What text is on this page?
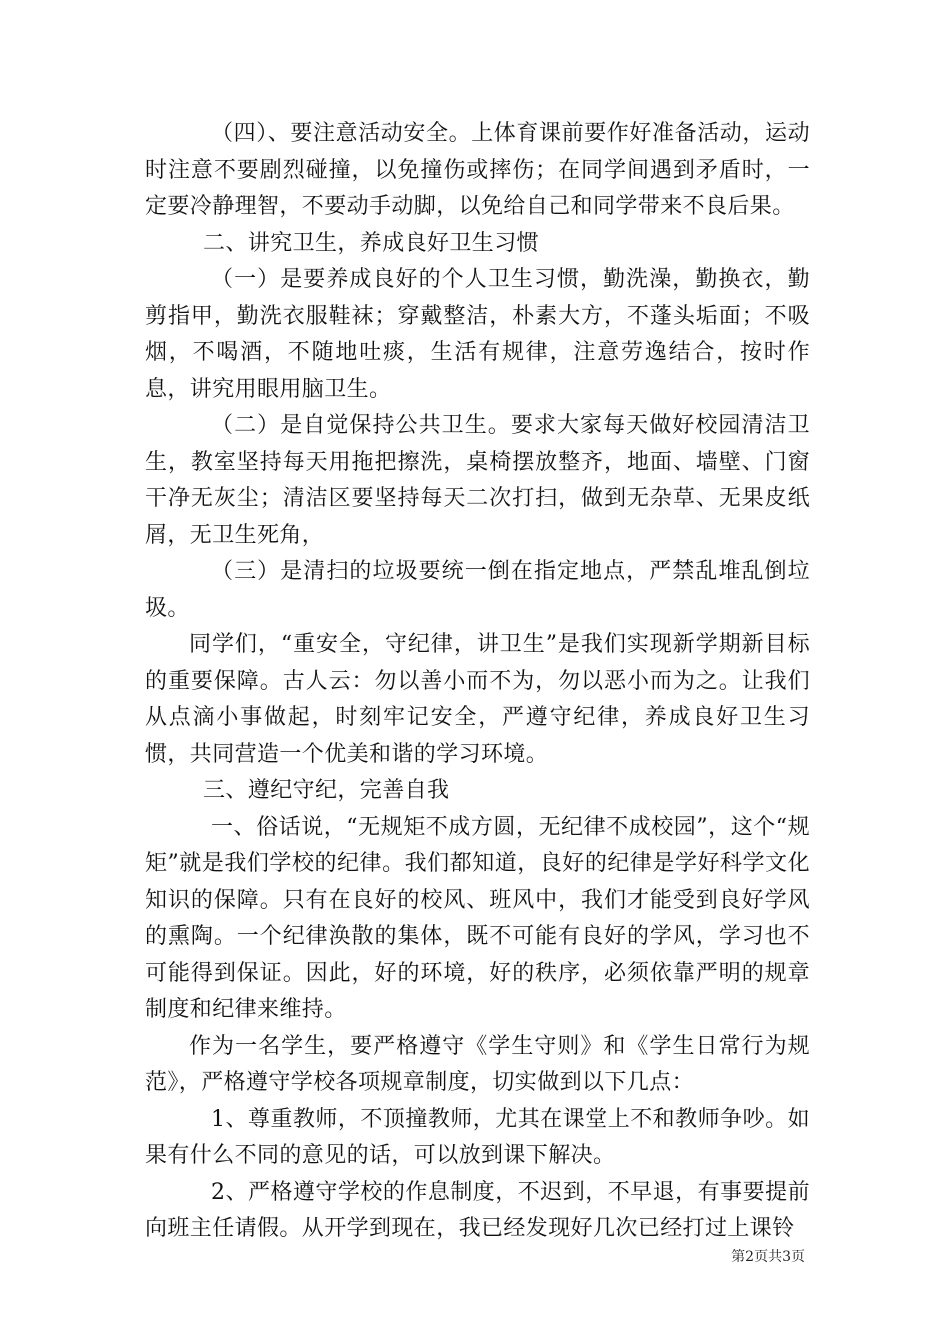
（四）、要注意活动安全。上体育课前要作好准备活动，运动时注意不要剧烈碰撞，以免撞伤或摔伤；在同学间遇到矛盾时，一定要冷静理智，不要动手动脚，以免给自己和同学带来不良后果。

二、讲究卫生，养成良好卫生习惯

（一）是要养成良好的个人卫生习惯，勤洗澡，勤换衣，勤剪指甲，勤洗衣服鞋袜；穿戴整洁，朴素大方，不蓬头垢面；不吸烟，不喝酒，不随地吐痰，生活有规律，注意劳逸结合，按时作息，讲究用眼用脑卫生。

（二）是自觉保持公共卫生。要求大家每天做好校园清洁卫生，教室坚持每天用拖把擦洗，桌椅摆放整齐，地面、墙壁、门窗干净无灰尘；清洁区要坚持每天二次打扫，做到无杂草、无果皮纸屑，无卫生死角，

（三）是清扫的垃圾要统一倒在指定地点，严禁乱堆乱倒垃圾。

同学们，“重安全，守纪律，讲卫生”是我们实现新学期新目标的重要保障。古人云：勿以善小而不为，勿以恶小而为之。让我们从点滴小事做起，时刻牢记安全，严遵守纪律，养成良好卫生习惯，共同营造一个优美和谐的学习环境。

三、遵纪守纪，完善自我

一、俗话说，“无规矩不成方圆，无纪律不成校园”，这个“规矩”就是我们学校的纪律。我们都知道，良好的纪律是学好科学文化知识的保障。只有在良好的校风、班风中，我们才能受到良好学风的熏陶。一个纪律涣散的集体，既不可能有良好的学风，学习也不可能得到保证。因此，好的环境，好的秩序，必须依靠严明的规章制度和纪律来维持。

作为一名学生，要严格遵守《学生守则》和《学生日常行为规范》，严格遵守学校各项规章制度，切实做到以下几点：

1、尊重教师，不顶撞教师，尤其在课堂上不和教师争吵。如果有什么不同的意见的话，可以放到课下解决。

2、严格遵守学校的作息制度，不迟到，不早退，有事要提前向班主任请假。从开学到现在，我已经发现好几次已经打过上课铃

第2页共3页
